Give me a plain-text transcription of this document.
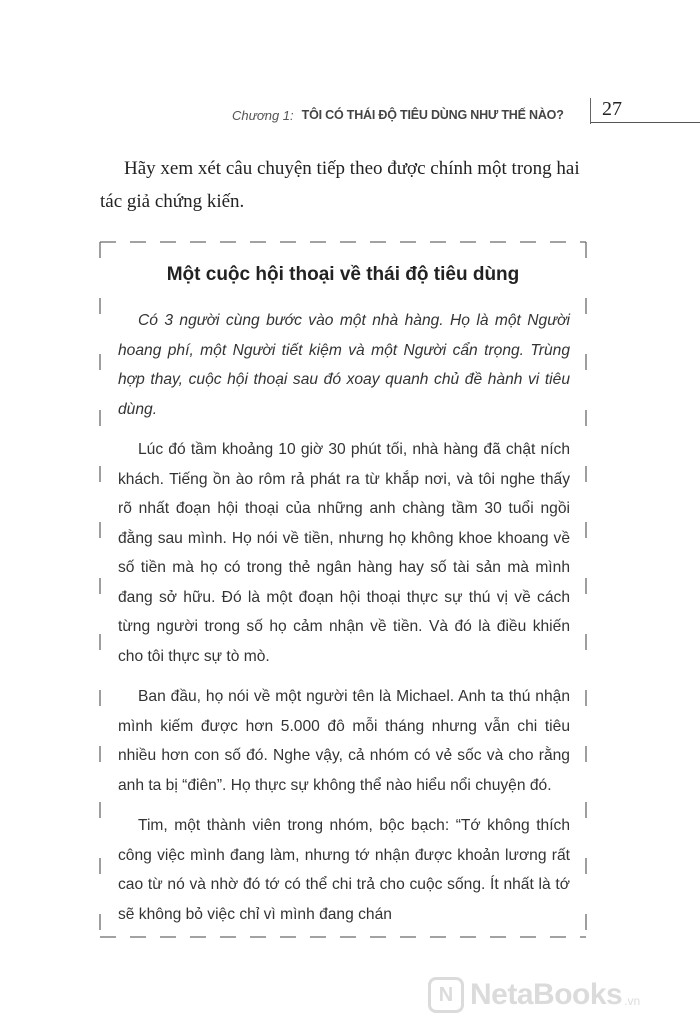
Chương 1: TÔI CÓ THÁI ĐỘ TIÊU DÙNG NHƯ THẾ NÀO? 27

Hãy xem xét câu chuyện tiếp theo được chính một trong hai tác giả chứng kiến.

Một cuộc hội thoại về thái độ tiêu dùng

Có 3 người cùng bước vào một nhà hàng. Họ là một Người hoang phí, một Người tiết kiệm và một Người cẩn trọng. Trùng hợp thay, cuộc hội thoại sau đó xoay quanh chủ đề hành vi tiêu dùng.

Lúc đó tầm khoảng 10 giờ 30 phút tối, nhà hàng đã chật ních khách. Tiếng ồn ào rôm rả phát ra từ khắp nơi, và tôi nghe thấy rõ nhất đoạn hội thoại của những anh chàng tầm 30 tuổi ngồi đằng sau mình. Họ nói về tiền, nhưng họ không khoe khoang về số tiền mà họ có trong thẻ ngân hàng hay số tài sản mà mình đang sở hữu. Đó là một đoạn hội thoại thực sự thú vị về cách từng người trong số họ cảm nhận về tiền. Và đó là điều khiến cho tôi thực sự tò mò.

Ban đầu, họ nói về một người tên là Michael. Anh ta thú nhận mình kiếm được hơn 5.000 đô mỗi tháng nhưng vẫn chi tiêu nhiều hơn con số đó. Nghe vậy, cả nhóm có vẻ sốc và cho rằng anh ta bị “điên”. Họ thực sự không thể nào hiểu nổi chuyện đó.

Tim, một thành viên trong nhóm, bộc bạch: “Tớ không thích công việc mình đang làm, nhưng tớ nhận được khoản lương rất cao từ nó và nhờ đó tớ có thể chi trả cho cuộc sống. Ít nhất là tớ sẽ không bỏ việc chỉ vì mình đang chán

N NetaBooks .vn
